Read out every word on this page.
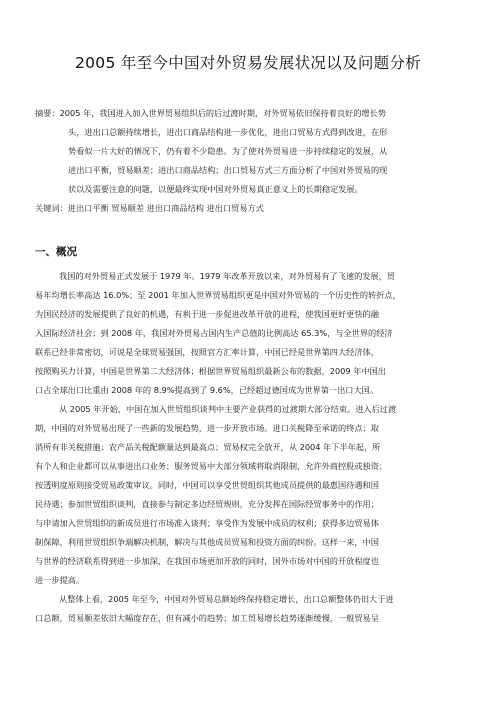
2005 年至今中国对外贸易发展状况以及问题分析
摘要： 2005 年，我国进入加入世界贸易组织后的后过渡时期，对外贸易依旧保持着良好的增长势
头，进出口总额持续增长，进出口商品结构进一步优化，进出口贸易方式得到改进，在形
势看似一片大好的情况下，仍有着不少隐患。为了使对外贸易进一步持续稳定的发展，从
进出口平衡，贸易顺差；进出口商品结构；出口贸易方式三方面分析了中国对外贸易的现
状以及需要注意的问题，以便最终实现中国对外贸易真正意义上的长期稳定发展。
关键词：进出口平衡 贸易顺差 进出口商品结构 进出口贸易方式
一、概况
我国的对外贸易正式发展于 1979 年。1979 年改革开放以来，对外贸易有了飞速的发展，贸
易年均增长率高达 16.0%；至 2001 年加入世界贸易组织更是中国对外贸易的一个历史性的转折点，
为国民经济的发展提供了良好的机遇，有利于进一步促进改革开放的进程，使我国更好更快的融
入国际经济社会；到 2008 年，我国对外贸易占国内生产总值的比例高达 65.3%，与全世界的经济
联系已经非常密切，可说是全球贸易强国，按照官方汇率计算，中国已经是世界第四大经济体，
按照购买力计算，中国是世界第二大经济体；根据世界贸易组织最新公布的数据，2009 年中国出
口占全球出口比重由 2008 年的 8.9%提高到了 9.6%，已经超过德国成为世界第一出口大国。
从 2005 年开始，中国在加入世贸组织谈判中主要产业获得的过渡期大部分结束。进入后过渡
期，中国的对外贸易出现了一些新的发展趋势，进一步开放市场。进口关税降至承诺的终点；取
消所有非关税措施；农产品关税配额量达到最高点；贸易权完全放开，从 2004 年下半年起，所
有个人和企业都可以从事进出口业务；服务贸易中大部分领域将取消限制，允许外商控股或独资；
按透明度原则接受贸易政策审议。同时，中国可以享受世贸组织其他成员提供的最惠国待遇和国
民待遇；参加世贸组织谈判，直接参与制定多边经贸规则，充分发挥在国际经贸事务中的作用；
与申请加入世贸组织的新成员进行市场准入谈判；享受作为发展中成员的权利；获得多边贸易体
制保障，利用世贸组织争端解决机制，解决与其他成员贸易和投资方面的纠纷。这样一来，中国
与世界的经济联系得到进一步加深，在我国市场更加开放的同时，国外市场对中国的开放程度也
进一步提高。
从整体上看，2005 年至今，中国对外贸易总额始终保持稳定增长，出口总额整体仍旧大于进
口总额，贸易顺差依旧大幅度存在，但有减小的趋势；加工贸易增长趋势逐渐缓慢，一般贸易呈
